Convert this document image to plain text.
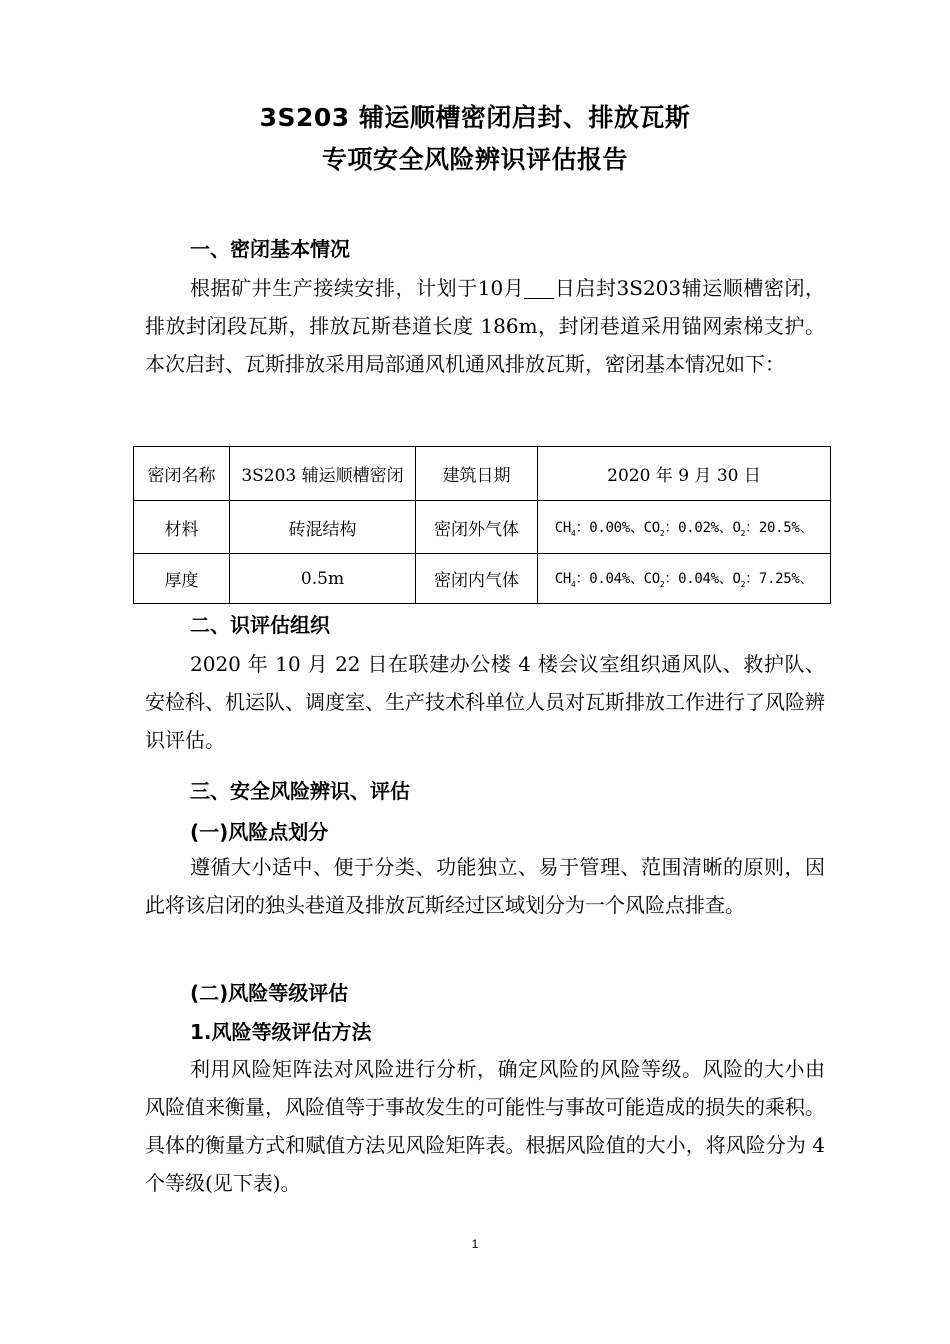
3S203 辅运顺槽密闭启封、排放瓦斯
专项安全风险辨识评估报告
一、密闭基本情况
根据矿井生产接续安排，计划于10月 日启封3S203辅运顺槽密闭，排放封闭段瓦斯，排放瓦斯巷道长度 186m，封闭巷道采用锚网索梯支护。本次启封、瓦斯排放采用局部通风机通风排放瓦斯，密闭基本情况如下：
密闭名称	3S203 辅运顺槽密闭	建筑日期	2020 年 9 月 30 日
材料	砖混结构	密闭外气体	$CH_4$：0.00%、$CO_2$：0.02%、$O_2$：20.5%、
厚度	0.5m	密闭内气体	$CH_4$：0.04%、$CO_2$：0.04%、$O_2$：7.25%、
二、识评估组织
2020 年 10 月 22 日在联建办公楼 4 楼会议室组织通风队、救护队、安检科、机运队、调度室、生产技术科单位人员对瓦斯排放工作进行了风险辨识评估。
三、安全风险辨识、评估
(一)风险点划分
遵循大小适中、便于分类、功能独立、易于管理、范围清晰的原则，因此将该启闭的独头巷道及排放瓦斯经过区域划分为一个风险点排查。
(二)风险等级评估
1.风险等级评估方法
利用风险矩阵法对风险进行分析，确定风险的风险等级。风险的大小由风险值来衡量，风险值等于事故发生的可能性与事故可能造成的损失的乘积。具体的衡量方式和赋值方法见风险矩阵表。根据风险值的大小，将风险分为 4 个等级(见下表)。
1
